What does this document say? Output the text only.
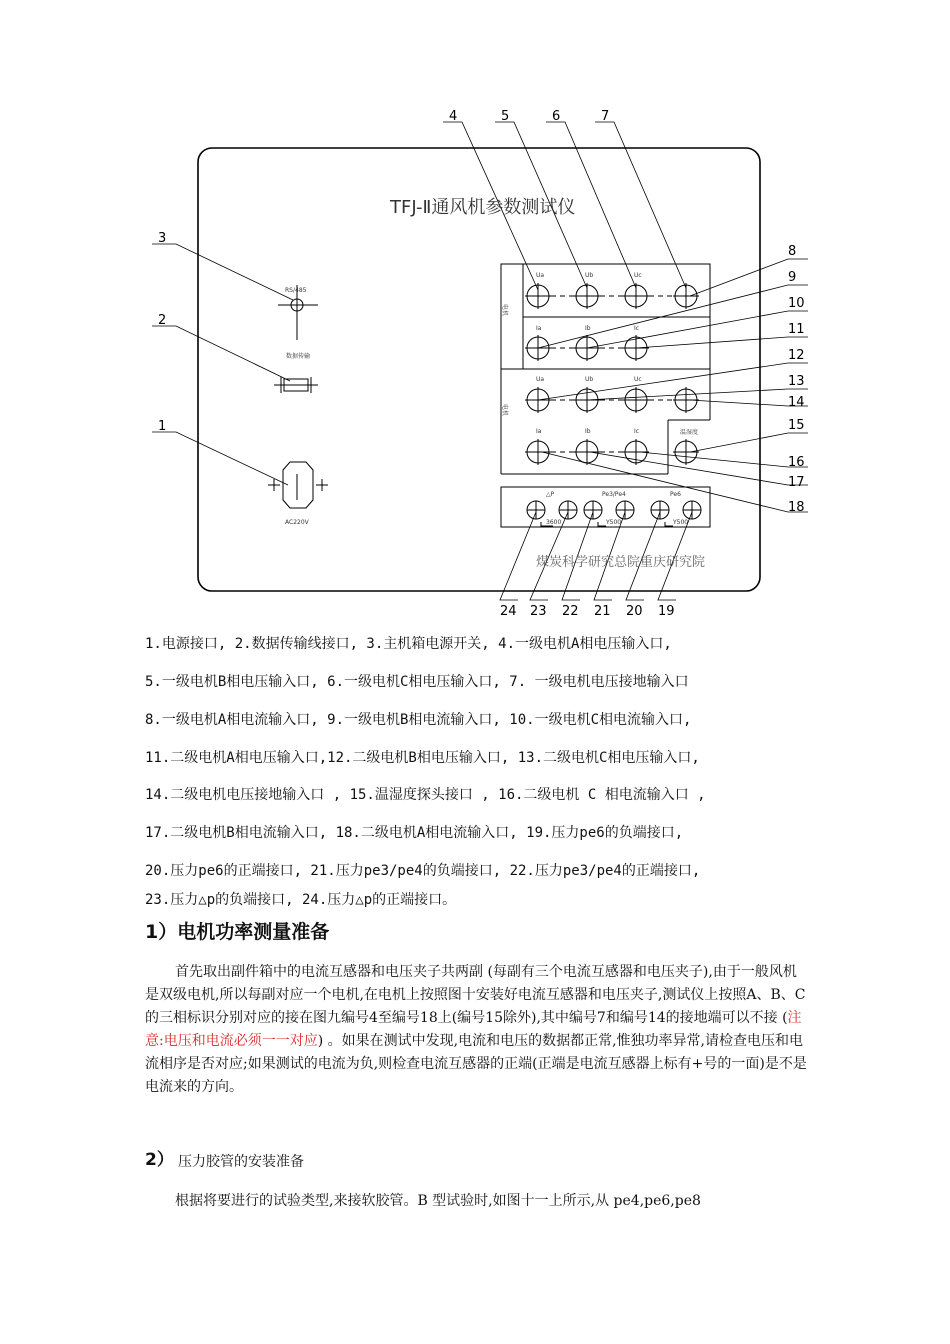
4	5	6	7
3
2
1
8
9
10
11
12
13
14
15
16
17
18
24 23 22 21 20 19
TFJ-Ⅱ通风机参数测试仪
煤炭科学研究总院重庆研究院
Ua	Ub	Uc
Ia	Ib	Ic
Ua	Ub	Uc
Ia	Ib	Ic	温湿度
△P	Pe3/Pe4	Pe6
3600	Y500	Y500
RS/485
数据传输
AC220V
电机
电机
1.电源接口, 2.数据传输线接口, 3.主机箱电源开关, 4.一级电机A相电压输入口,
5.一级电机B相电压输入口, 6.一级电机C相电压输入口, 7. 一级电机电压接地输入口
8.一级电机A相电流输入口, 9.一级电机B相电流输入口, 10.一级电机C相电流输入口,
11.二级电机A相电压输入口,12.二级电机B相电压输入口, 13.二级电机C相电压输入口,
14.二级电机电压接地输入口 , 15.温湿度探头接口 , 16.二级电机 C 相电流输入口 ,
17.二级电机B相电流输入口, 18.二级电机A相电流输入口, 19.压力pe6的负端接口,
20.压力pe6的正端接口, 21.压力pe3/pe4的负端接口, 22.压力pe3/pe4的正端接口,
23.压力△p的负端接口, 24.压力△p的正端接口。
1）电机功率测量准备
首先取出副件箱中的电流互感器和电压夹子共两副 (每副有三个电流互感器和电压夹子),由于一般风机是双级电机,所以每副对应一个电机,在电机上按照图十安装好电流互感器和电压夹子,测试仪上按照A、B、C的三相标识分别对应的接在图九编号4至编号18上(编号15除外),其中编号7和编号14的接地端可以不接 (注意:电压和电流必须一一对应) 。如果在测试中发现,电流和电压的数据都正常,惟独功率异常,请检查电压和电流相序是否对应;如果测试的电流为负,则检查电流互感器的正端(正端是电流互感器上标有+号的一面)是不是电流来的方向。
2） 压力胶管的安装准备
根据将要进行的试验类型,来接软胶管。B 型试验时,如图十一上所示,从 pe4,pe6,pe8
